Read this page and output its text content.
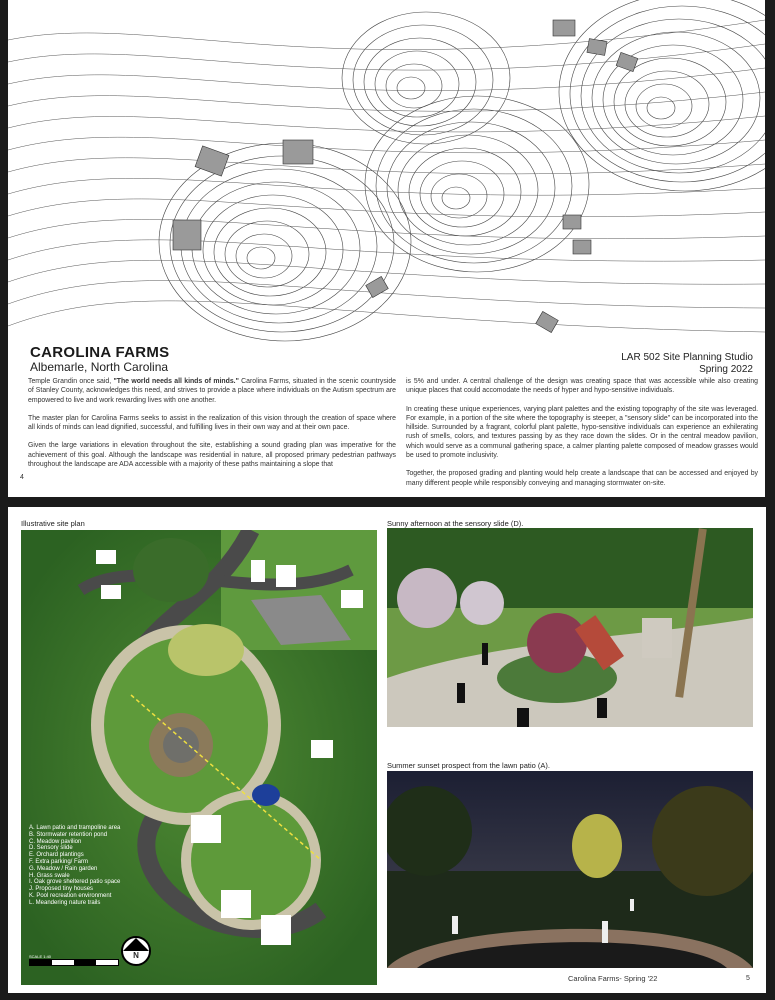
CAROLINA FARMS
Albemarle, North Carolina
LAR 502 Site Planning Studio
Spring 2022

Temple Grandin once said, "The world needs all kinds of minds." Carolina Farms, situated in the scenic countryside of Stanley County, acknowledges this need, and strives to provide a place where individuals on the Autism spectrum are empowered to live and work rewarding lives with one another.

The master plan for Carolina Farms seeks to assist in the realization of this vision through the creation of space where all kinds of minds can lead dignified, successful, and fulfilling lives in their own way and at their own pace.

Given the large variations in elevation throughout the site, establishing a sound grading plan was imperative for the achievement of this goal. Although the landscape was residential in nature, all proposed primary pedestrian pathways throughout the landscape are ADA accessible with a majority of these paths maintaining a slope that

is 5% and under. A central challenge of the design was creating space that was accessible while also creating unique places that could accomodate the needs of hyper and hypo-sensitive individuals.

In creating these unique experiences, varying plant palettes and the existing topography of the site was leveraged. For example, in a portion of the site where the topography is steeper, a "sensory slide" can be incorporated into the hillside. Surrounded by a fragrant, colorful plant palette, hypo-sensitive individuals can experience an exhilerating rush of smells, colors, and textures passing by as they race down the slides. Or in the central meadow pavilion, which would serve as a communal gathering space, a calmer planting palette composed of meadow grasses would be used to promote inclusivity.

Together, the proposed grading and planting would help create a landscape that can be accessed and enjoyed by many different people while responsibly conveying and managing stormwater on-site.

4
Illustrative site plan
A. Lawn patio and trampoline area
B. Stormwater retention pond
C. Meadow pavilion
D. Sensory slide
E. Orchard plantings
F. Extra parking/ Farm
G. Meadow / Rain garden
H. Grass swale
I. Oak grove sheltered patio space
J. Proposed tiny houses
K. Pool recreation environment
L. Meandering nature trails
SCALE 1:40	N
Sunny afternoon at the sensory slide (D).
Summer sunset prospect from the lawn patio (A).
Carolina Farms- Spring '22	5
